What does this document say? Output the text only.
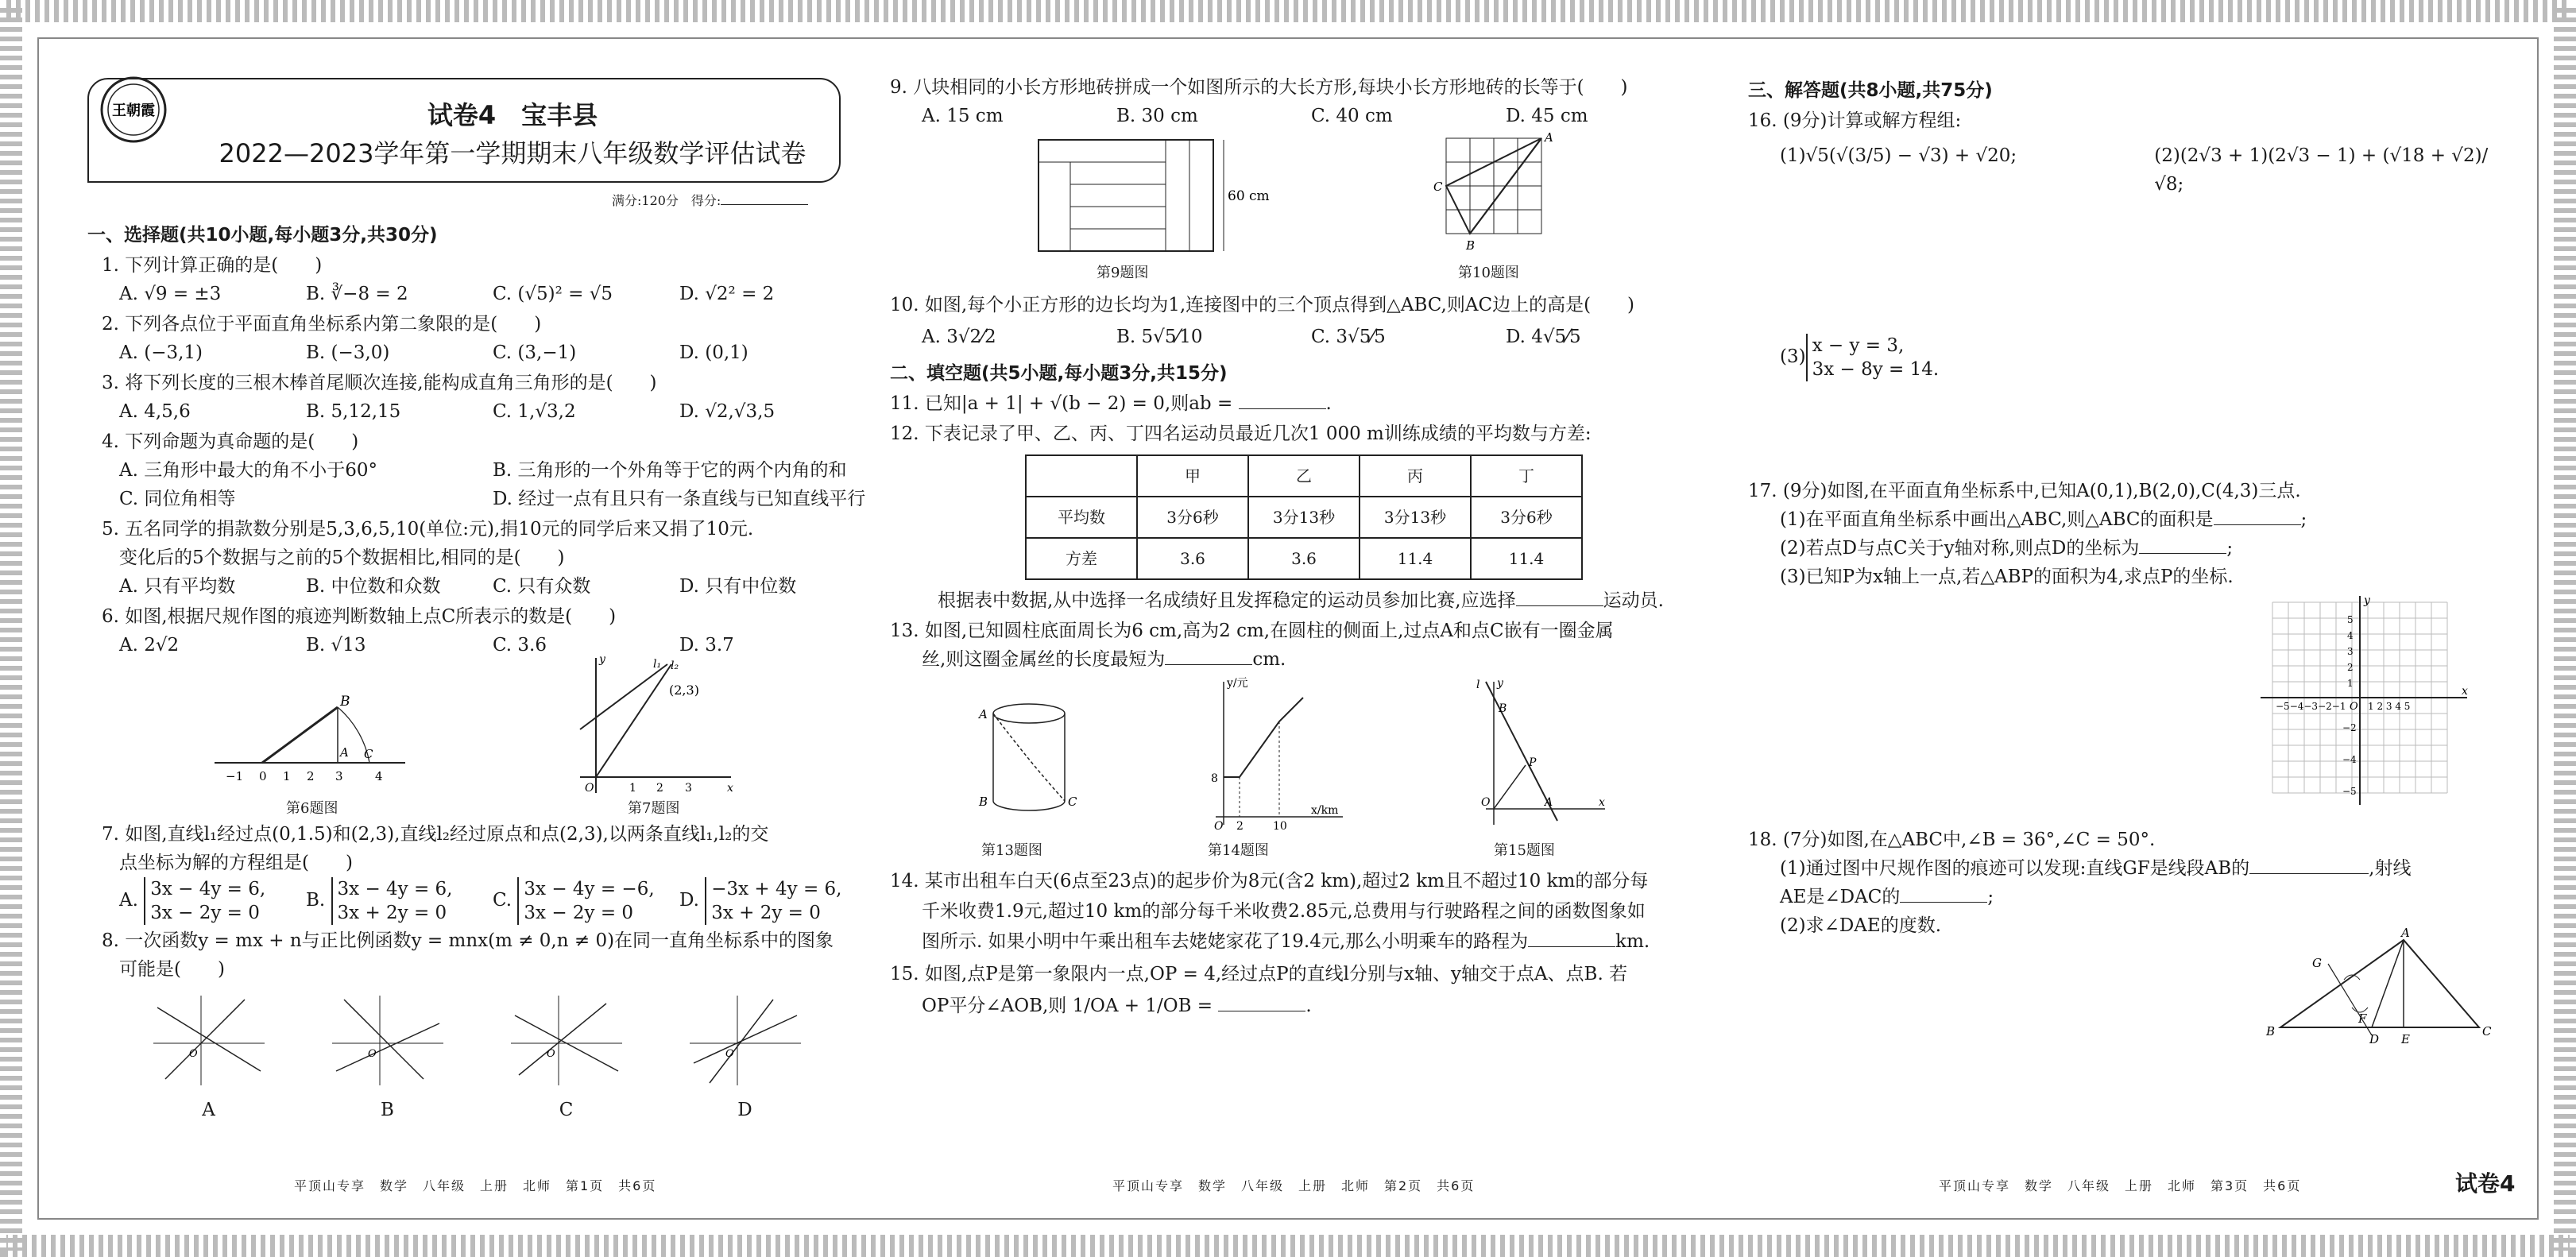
王朝霞	试卷4　宝丰县
2022—2023学年第一学期期末八年级数学评估试卷
满分:120分　得分:
一、选择题(共10小题,每小题3分,共30分)
1. 下列计算正确的是(　　)
A. √9 = ±3	B. ∛−8 = 2	C. (√5)² = √5	D. √2² = 2
2. 下列各点位于平面直角坐标系内第二象限的是(　　)
A. (−3,1)	B. (−3,0)	C. (3,−1)	D. (0,1)
3. 将下列长度的三根木棒首尾顺次连接,能构成直角三角形的是(　　)
A. 4,5,6	B. 5,12,15	C. 1,√3,2	D. √2,√3,5
4. 下列命题为真命题的是(　　)
A. 三角形中最大的角不小于60°	B. 三角形的一个外角等于它的两个内角的和
C. 同位角相等	D. 经过一点有且只有一条直线与已知直线平行
5. 五名同学的捐款数分别是5,3,6,5,10(单位:元),捐10元的同学后来又捐了10元.
变化后的5个数据与之前的5个数据相比,相同的是(　　)
A. 只有平均数	B. 中位数和众数	C. 只有众数	D. 只有中位数
6. 如图,根据尺规作图的痕迹判断数轴上点C所表示的数是(　　)
A. 2√2	B. √13	C. 3.6	D. 3.7
B
A C
−1 0 1 2 3	4
第6题图
l₁ l₂
(2,3)
O	1 2 3	x
y
第7题图
7. 如图,直线l₁经过点(0,1.5)和(2,3),直线l₂经过原点和点(2,3),以两条直线l₁,l₂的交
点坐标为解的方程组是(　　)
A. 3x − 4y = 6,
3x − 2y = 0
B. 3x − 4y = 6,
3x + 2y = 0
C. 3x − 4y = −6,
3x − 2y = 0
D. −3x + 4y = 6,
3x + 2y = 0
8. 一次函数y = mx + n与正比例函数y = mnx(m ≠ 0,n ≠ 0)在同一直角坐标系中的图象
可能是(　　)
O
A
O
B
O
C
O
D
平顶山专享　数学　八年级　上册　北师　第1页　共6页
9. 八块相同的小长方形地砖拼成一个如图所示的大长方形,每块小长方形地砖的长等于(　　)
A. 15 cm	B. 30 cm	C. 40 cm	D. 45 cm
60 cm
第9题图
A
C
B
第10题图
10. 如图,每个小正方形的边长均为1,连接图中的三个顶点得到△ABC,则AC边上的高是(　　)
A. 3√2⁄2	B. 5√5⁄10	C. 3√5⁄5	D. 4√5⁄5
二、填空题(共5小题,每小题3分,共15分)
11. 已知|a + 1| + √(b − 2) = 0,则ab =	.
12. 下表记录了甲、乙、丙、丁四名运动员最近几次1 000 m训练成绩的平均数与方差:
	甲	乙	丙	丁
平均数	3分6秒	3分13秒	3分13秒	3分6秒
方差	3.6	3.6	11.4	11.4
根据表中数据,从中选择一名成绩好且发挥稳定的运动员参加比赛,应选择	运动员.
13. 如图,已知圆柱底面周长为6 cm,高为2 cm,在圆柱的侧面上,过点A和点C嵌有一圈金属
丝,则这圈金属丝的长度最短为	cm.
A
B	C
第13题图
y/元
x/km
8
O 2	10
第14题图
l y
B
P
O	A	x
第15题图
14. 某市出租车白天(6点至23点)的起步价为8元(含2 km),超过2 km且不超过10 km的部分每
千米收费1.9元,超过10 km的部分每千米收费2.85元,总费用与行驶路程之间的函数图象如
图所示. 如果小明中午乘出租车去姥姥家花了19.4元,那么小明乘车的路程为	km.
15. 如图,点P是第一象限内一点,OP = 4,经过点P的直线l分别与x轴、y轴交于点A、点B. 若
OP平分∠AOB,则 1/OA + 1/OB =	.
平顶山专享　数学　八年级　上册　北师　第2页　共6页
三、解答题(共8小题,共75分)
16. (9分)计算或解方程组:
(1)√5(√(3/5) − √3) + √20;	(2)(2√3 + 1)(2√3 − 1) + (√18 + √2)/√8;
(3)x − y = 3,
3x − 8y = 14.
17. (9分)如图,在平面直角坐标系中,已知A(0,1),B(2,0),C(4,3)三点.
(1)在平面直角坐标系中画出△ABC,则△ABC的面积是	;
(2)若点D与点C关于y轴对称,则点D的坐标为	;
(3)已知P为x轴上一点,若△ABP的面积为4,求点P的坐标.
x
y
O
−5−4−3−2−1 1 2 3 4 5
5
4
3
2
1
−2
−4
−5
18. (7分)如图,在△ABC中,∠B = 36°,∠C = 50°.
(1)通过图中尺规作图的痕迹可以发现:直线GF是线段AB的	,射线
AE是∠DAC的	;
(2)求∠DAE的度数.	A
B	C
G
F
D E
平顶山专享　数学　八年级　上册　北师　第3页　共6页	试卷4
